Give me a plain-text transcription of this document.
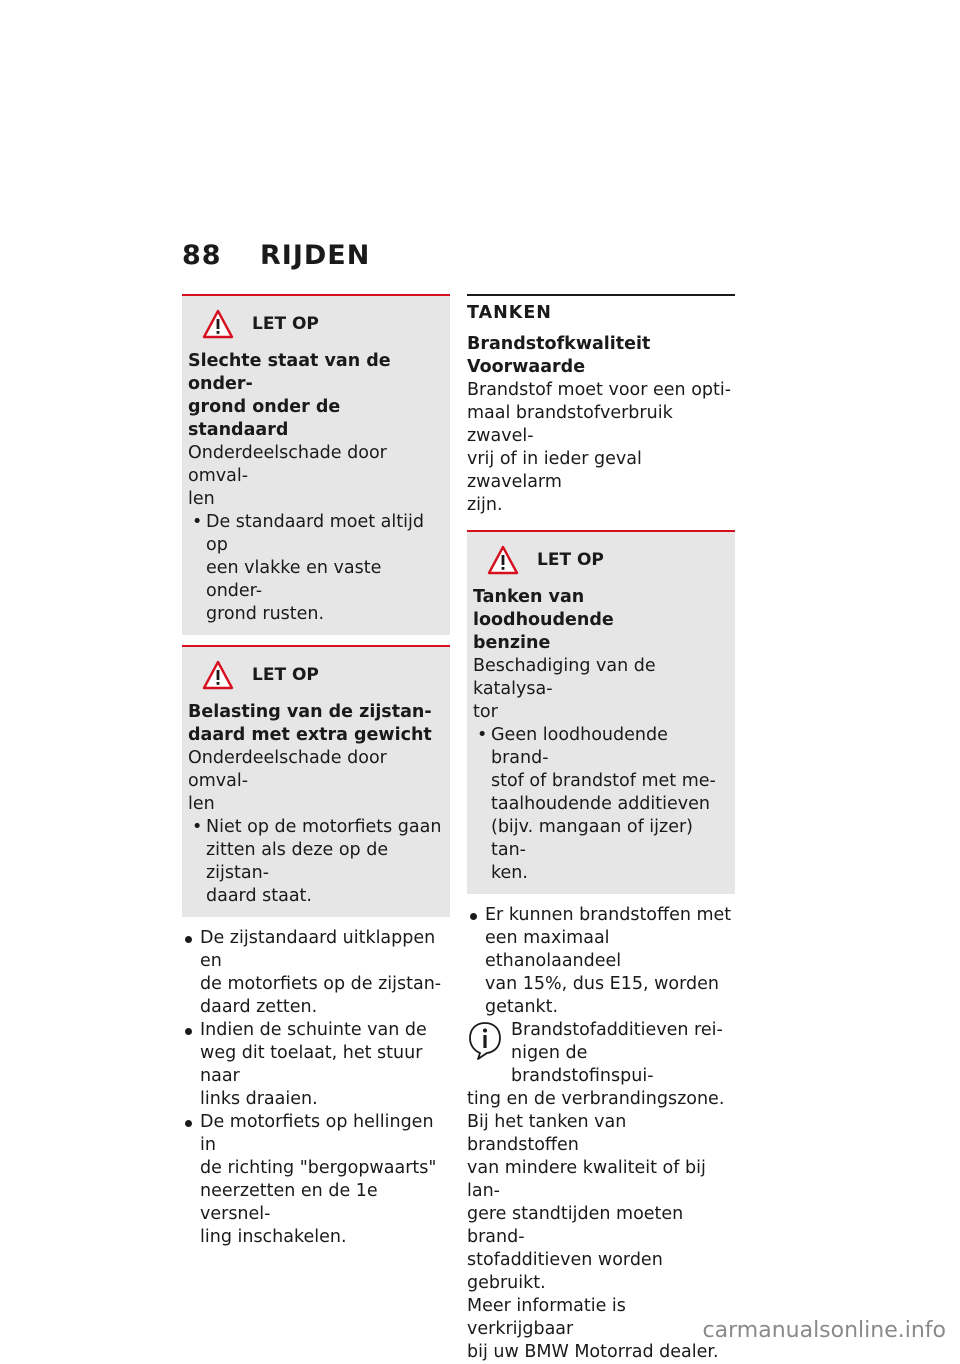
88 RIJDEN
LET OP
Slechte staat van de onder-
grond onder de standaard
Onderdeelschade door omval-
len
• De standaard moet altijd op
een vlakke en vaste onder-
grond rusten.
LET OP
Belasting van de zijstan-
daard met extra gewicht
Onderdeelschade door omval-
len
• Niet op de motorfiets gaan
zitten als deze op de zijstan-
daard staat.
De zijstandaard uitklappen en
de motorfiets op de zijstan-
daard zetten.
Indien de schuinte van de
weg dit toelaat, het stuur naar
links draaien.
De motorfiets op hellingen in
de richting "bergopwaarts"
neerzetten en de 1e versnel-
ling inschakelen.
TANKEN
Brandstofkwaliteit
Voorwaarde
Brandstof moet voor een opti-
maal brandstofverbruik zwavel-
vrij of in ieder geval zwavelarm
zijn.
LET OP
Tanken van loodhoudende
benzine
Beschadiging van de katalysa-
tor
• Geen loodhoudende brand-
stof of brandstof met me-
taalhoudende additieven
(bijv. mangaan of ijzer) tan-
ken.
Er kunnen brandstoffen met
een maximaal ethanolaandeel
van 15%, dus E15, worden
getankt.
Brandstofadditieven rei-
nigen de brandstofinspui-
ting en de verbrandingszone.
Bij het tanken van brandstoffen
van mindere kwaliteit of bij lan-
gere standtijden moeten brand-
stofadditieven worden gebruikt.
Meer informatie is verkrijgbaar
bij uw BMW Motorrad dealer.
carmanualsonline.info
